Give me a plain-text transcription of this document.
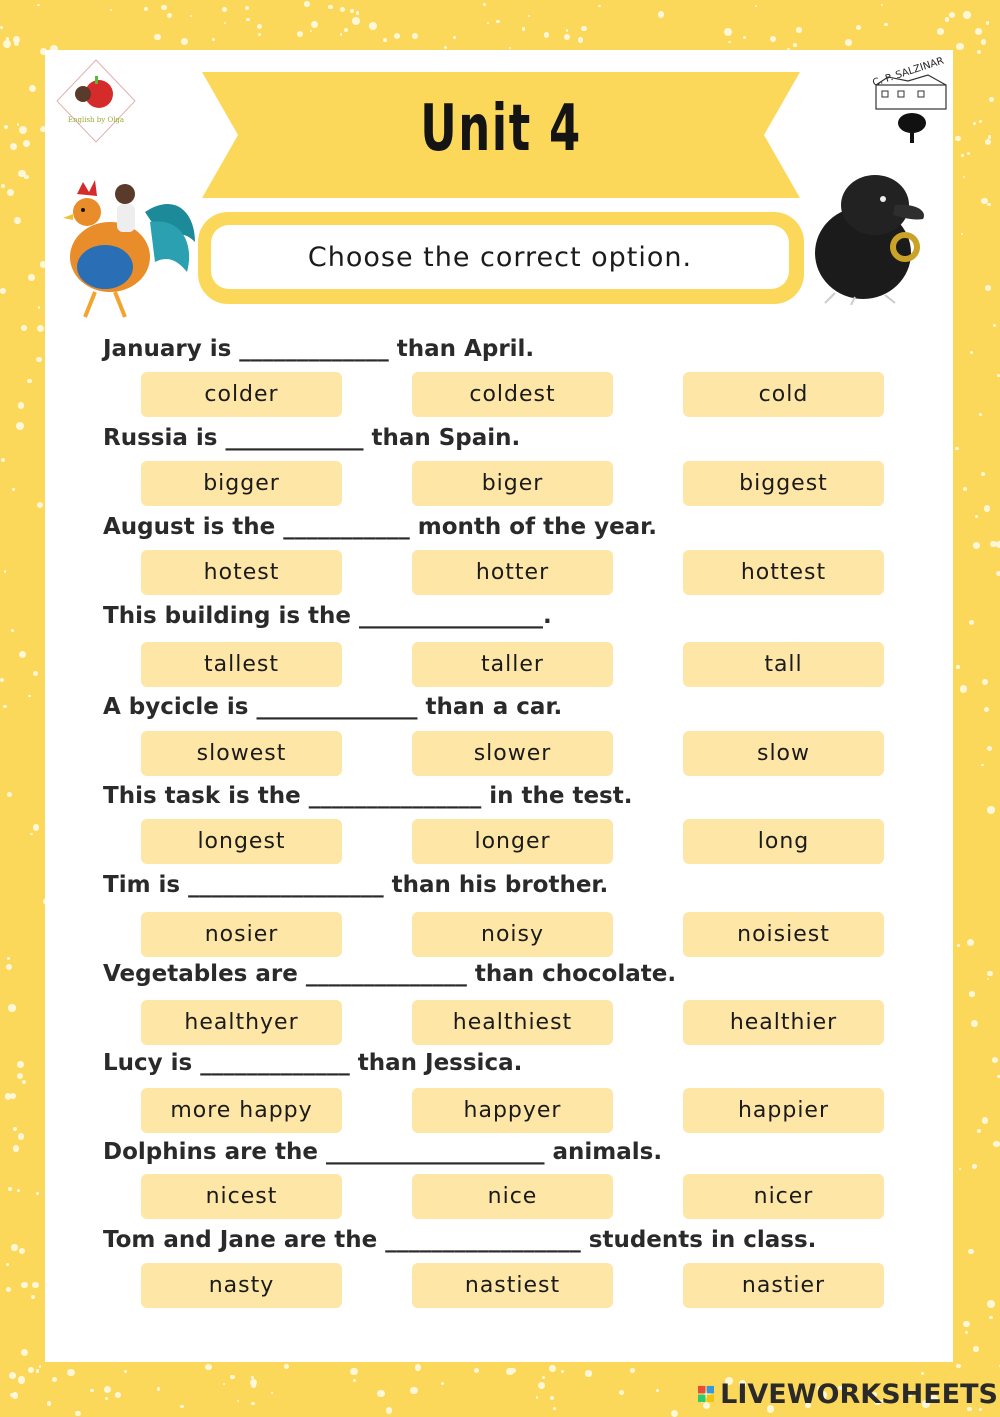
English by Olga
C. P. SALZINAR
Unit 4
Choose the correct option.
January is _____________ than April.
colder	coldest	cold
Russia is ____________ than Spain.
bigger	biger	biggest
August is the ___________ month of the year.
hotest	hotter	hottest
This building is the ________________.
tallest	taller	tall
A bycicle is ______________ than a car.
slowest	slower	slow
This task is the _______________ in the test.
longest	longer	long
Tim is _________________ than his brother.
nosier	noisy	noisiest
Vegetables are ______________ than chocolate.
healthyer	healthiest	healthier
Lucy is _____________ than Jessica.
more happy	happyer	happier
Dolphins are the ___________________ animals.
nicest	nice	nicer
Tom and Jane are the _________________ students in class.
nasty	nastiest	nastier
LIVEWORKSHEETS
